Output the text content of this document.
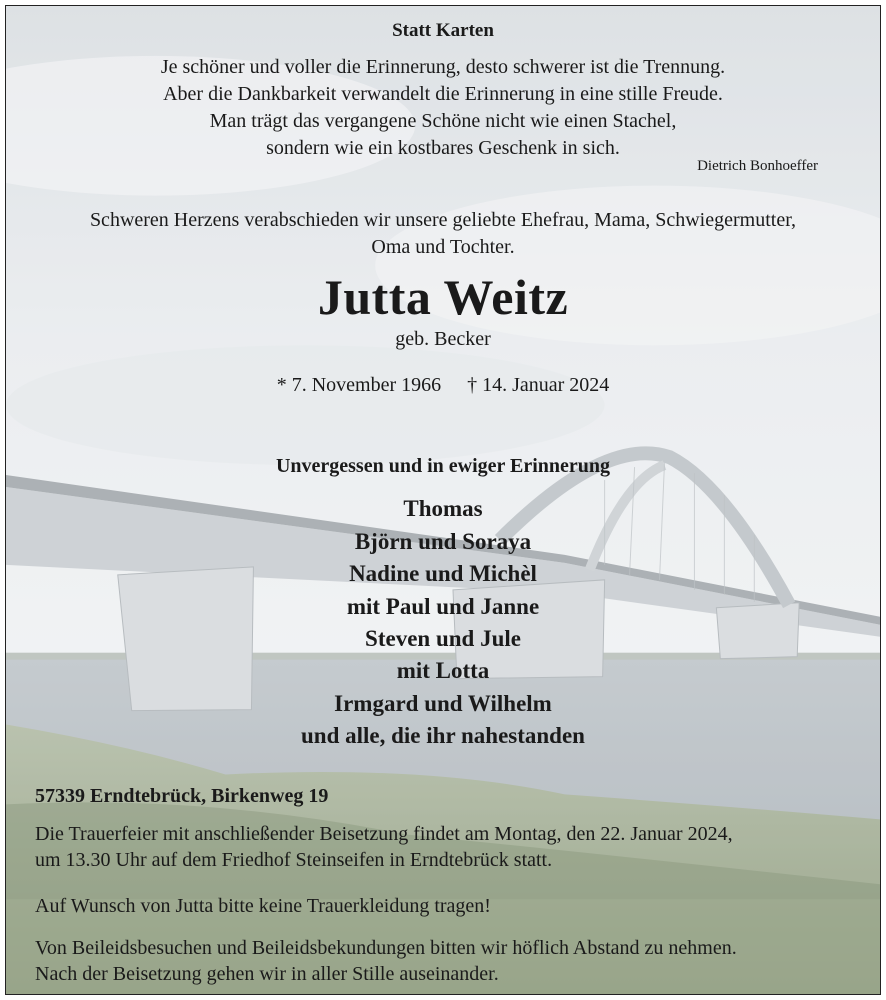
Statt Karten
Je schöner und voller die Erinnerung, desto schwerer ist die Trennung.
Aber die Dankbarkeit verwandelt die Erinnerung in eine stille Freude.
Man trägt das vergangene Schöne nicht wie einen Stachel,
sondern wie ein kostbares Geschenk in sich.
Dietrich Bonhoeffer
Schweren Herzens verabschieden wir unsere geliebte Ehefrau, Mama, Schwiegermutter,
Oma und Tochter.
Jutta Weitz
geb. Becker
* 7. November 1966 † 14. Januar 2024
Unvergessen und in ewiger Erinnerung
Thomas
Björn und Soraya
Nadine und Michèl
mit Paul und Janne
Steven und Jule
mit Lotta
Irmgard und Wilhelm
und alle, die ihr nahestanden
57339 Erndtebrück, Birkenweg 19
Die Trauerfeier mit anschließender Beisetzung findet am Montag, den 22. Januar 2024,
um 13.30 Uhr auf dem Friedhof Steinseifen in Erndtebrück statt.
Auf Wunsch von Jutta bitte keine Trauerkleidung tragen!
Von Beileidsbesuchen und Beileidsbekundungen bitten wir höflich Abstand zu nehmen.
Nach der Beisetzung gehen wir in aller Stille auseinander.
